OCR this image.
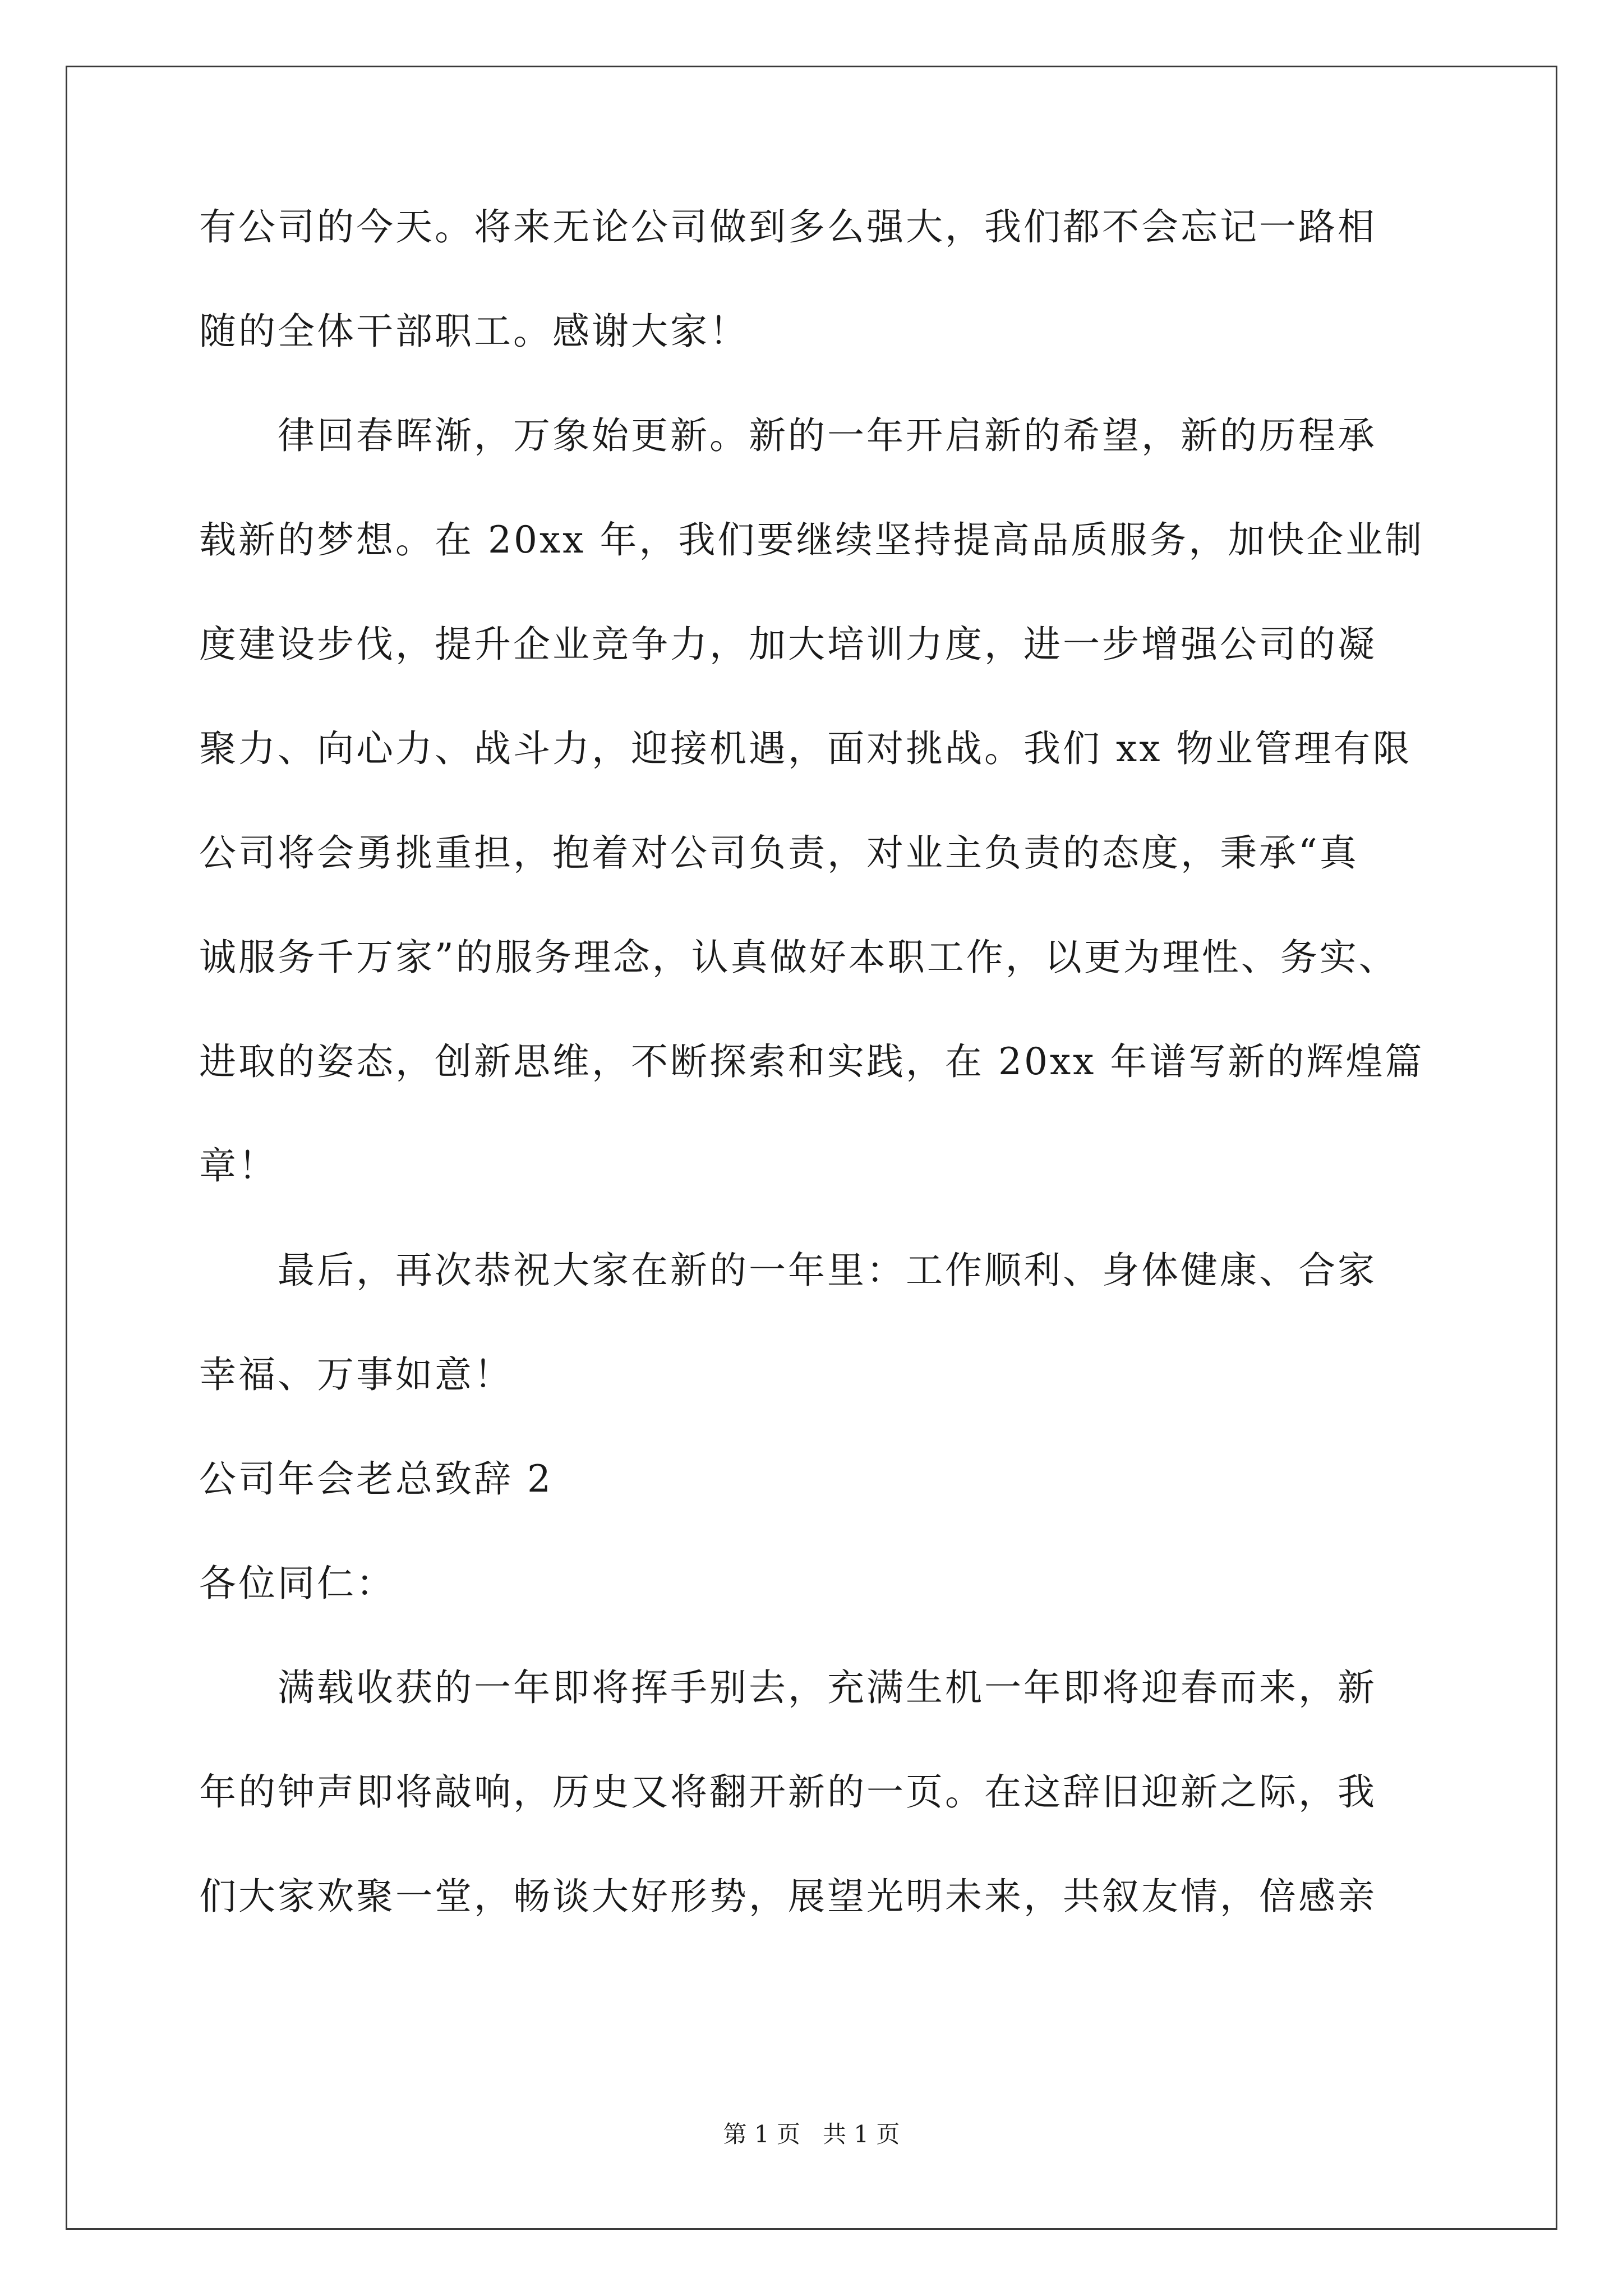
有公司的今天。将来无论公司做到多么强大，我们都不会忘记一路相
随的全体干部职工。感谢大家！
　　律回春晖渐，万象始更新。新的一年开启新的希望，新的历程承
载新的梦想。在 20xx 年，我们要继续坚持提高品质服务，加快企业制
度建设步伐，提升企业竞争力，加大培训力度，进一步增强公司的凝
聚力、向心力、战斗力，迎接机遇，面对挑战。我们 xx 物业管理有限
公司将会勇挑重担，抱着对公司负责，对业主负责的态度，秉承“真
诚服务千万家”的服务理念，认真做好本职工作，以更为理性、务实、
进取的姿态，创新思维，不断探索和实践，在 20xx 年谱写新的辉煌篇
章！
　　最后，再次恭祝大家在新的一年里：工作顺利、身体健康、合家
幸福、万事如意！
公司年会老总致辞 2
各位同仁：
　　满载收获的一年即将挥手别去，充满生机一年即将迎春而来，新
年的钟声即将敲响，历史又将翻开新的一页。在这辞旧迎新之际，我
们大家欢聚一堂，畅谈大好形势，展望光明未来，共叙友情，倍感亲
第 1 页 共 1 页
